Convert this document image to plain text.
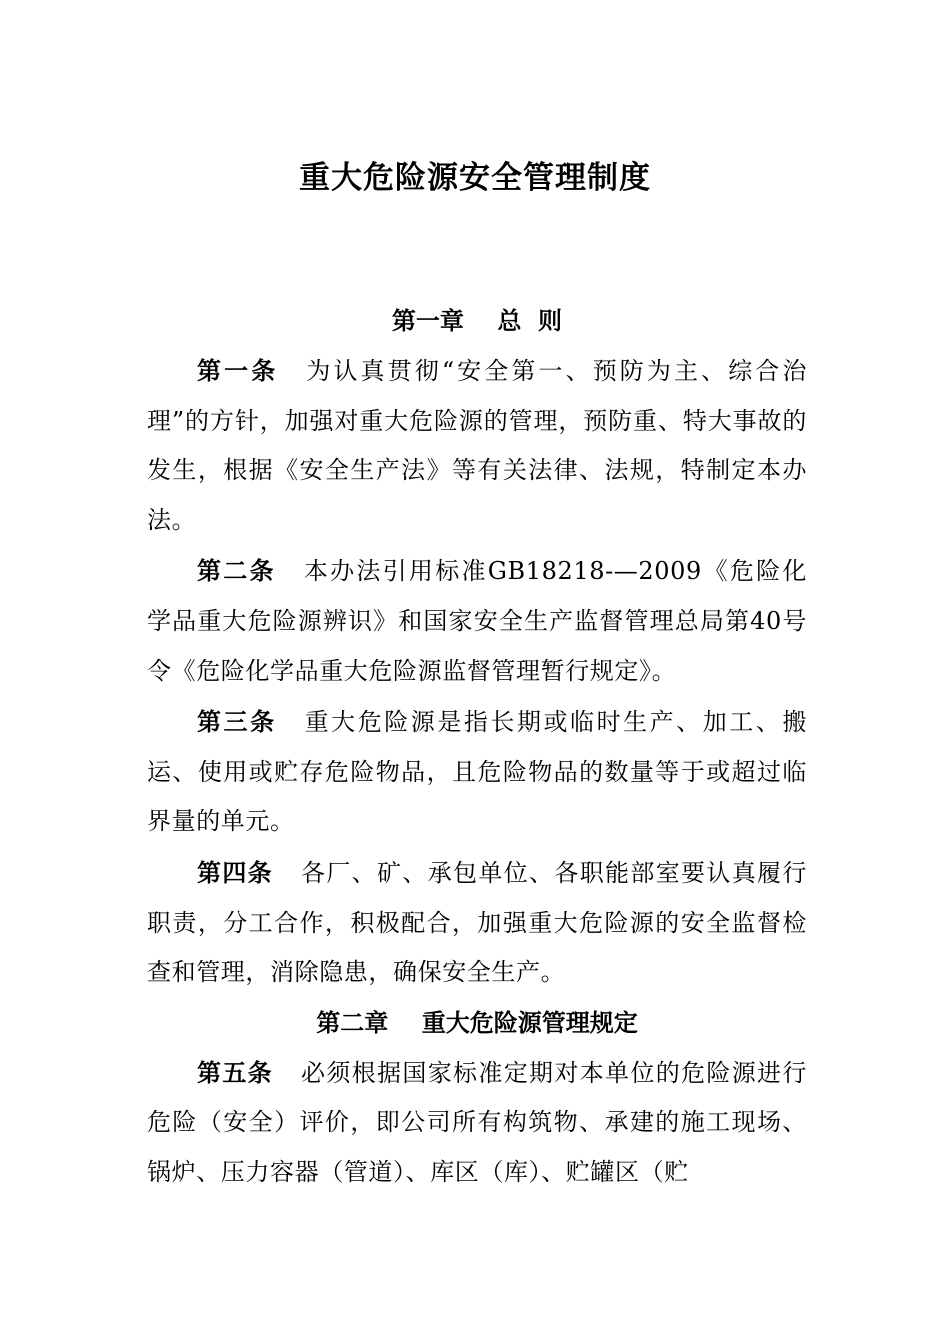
重大危险源安全管理制度
第一章    总  则

第一条 为认真贯彻“安全第一、预防为主、综合治理”的方针，加强对重大危险源的管理，预防重、特大事故的发生，根据《安全生产法》等有关法律、法规，特制定本办法。

第二条 本办法引用标准GB18218-—2009《危险化学品重大危险源辨识》和国家安全生产监督管理总局第40号令《危险化学品重大危险源监督管理暂行规定》。

第三条 重大危险源是指长期或临时生产、加工、搬运、使用或贮存危险物品，且危险物品的数量等于或超过临界量的单元。

第四条 各厂、矿、承包单位、各职能部室要认真履行职责，分工合作，积极配合，加强重大危险源的安全监督检查和管理，消除隐患，确保安全生产。

第二章    重大危险源管理规定

第五条 必须根据国家标准定期对本单位的危险源进行危险（安全）评价，即公司所有构筑物、承建的施工现场、锅炉、压力容器（管道）、库区（库）、贮罐区（贮
